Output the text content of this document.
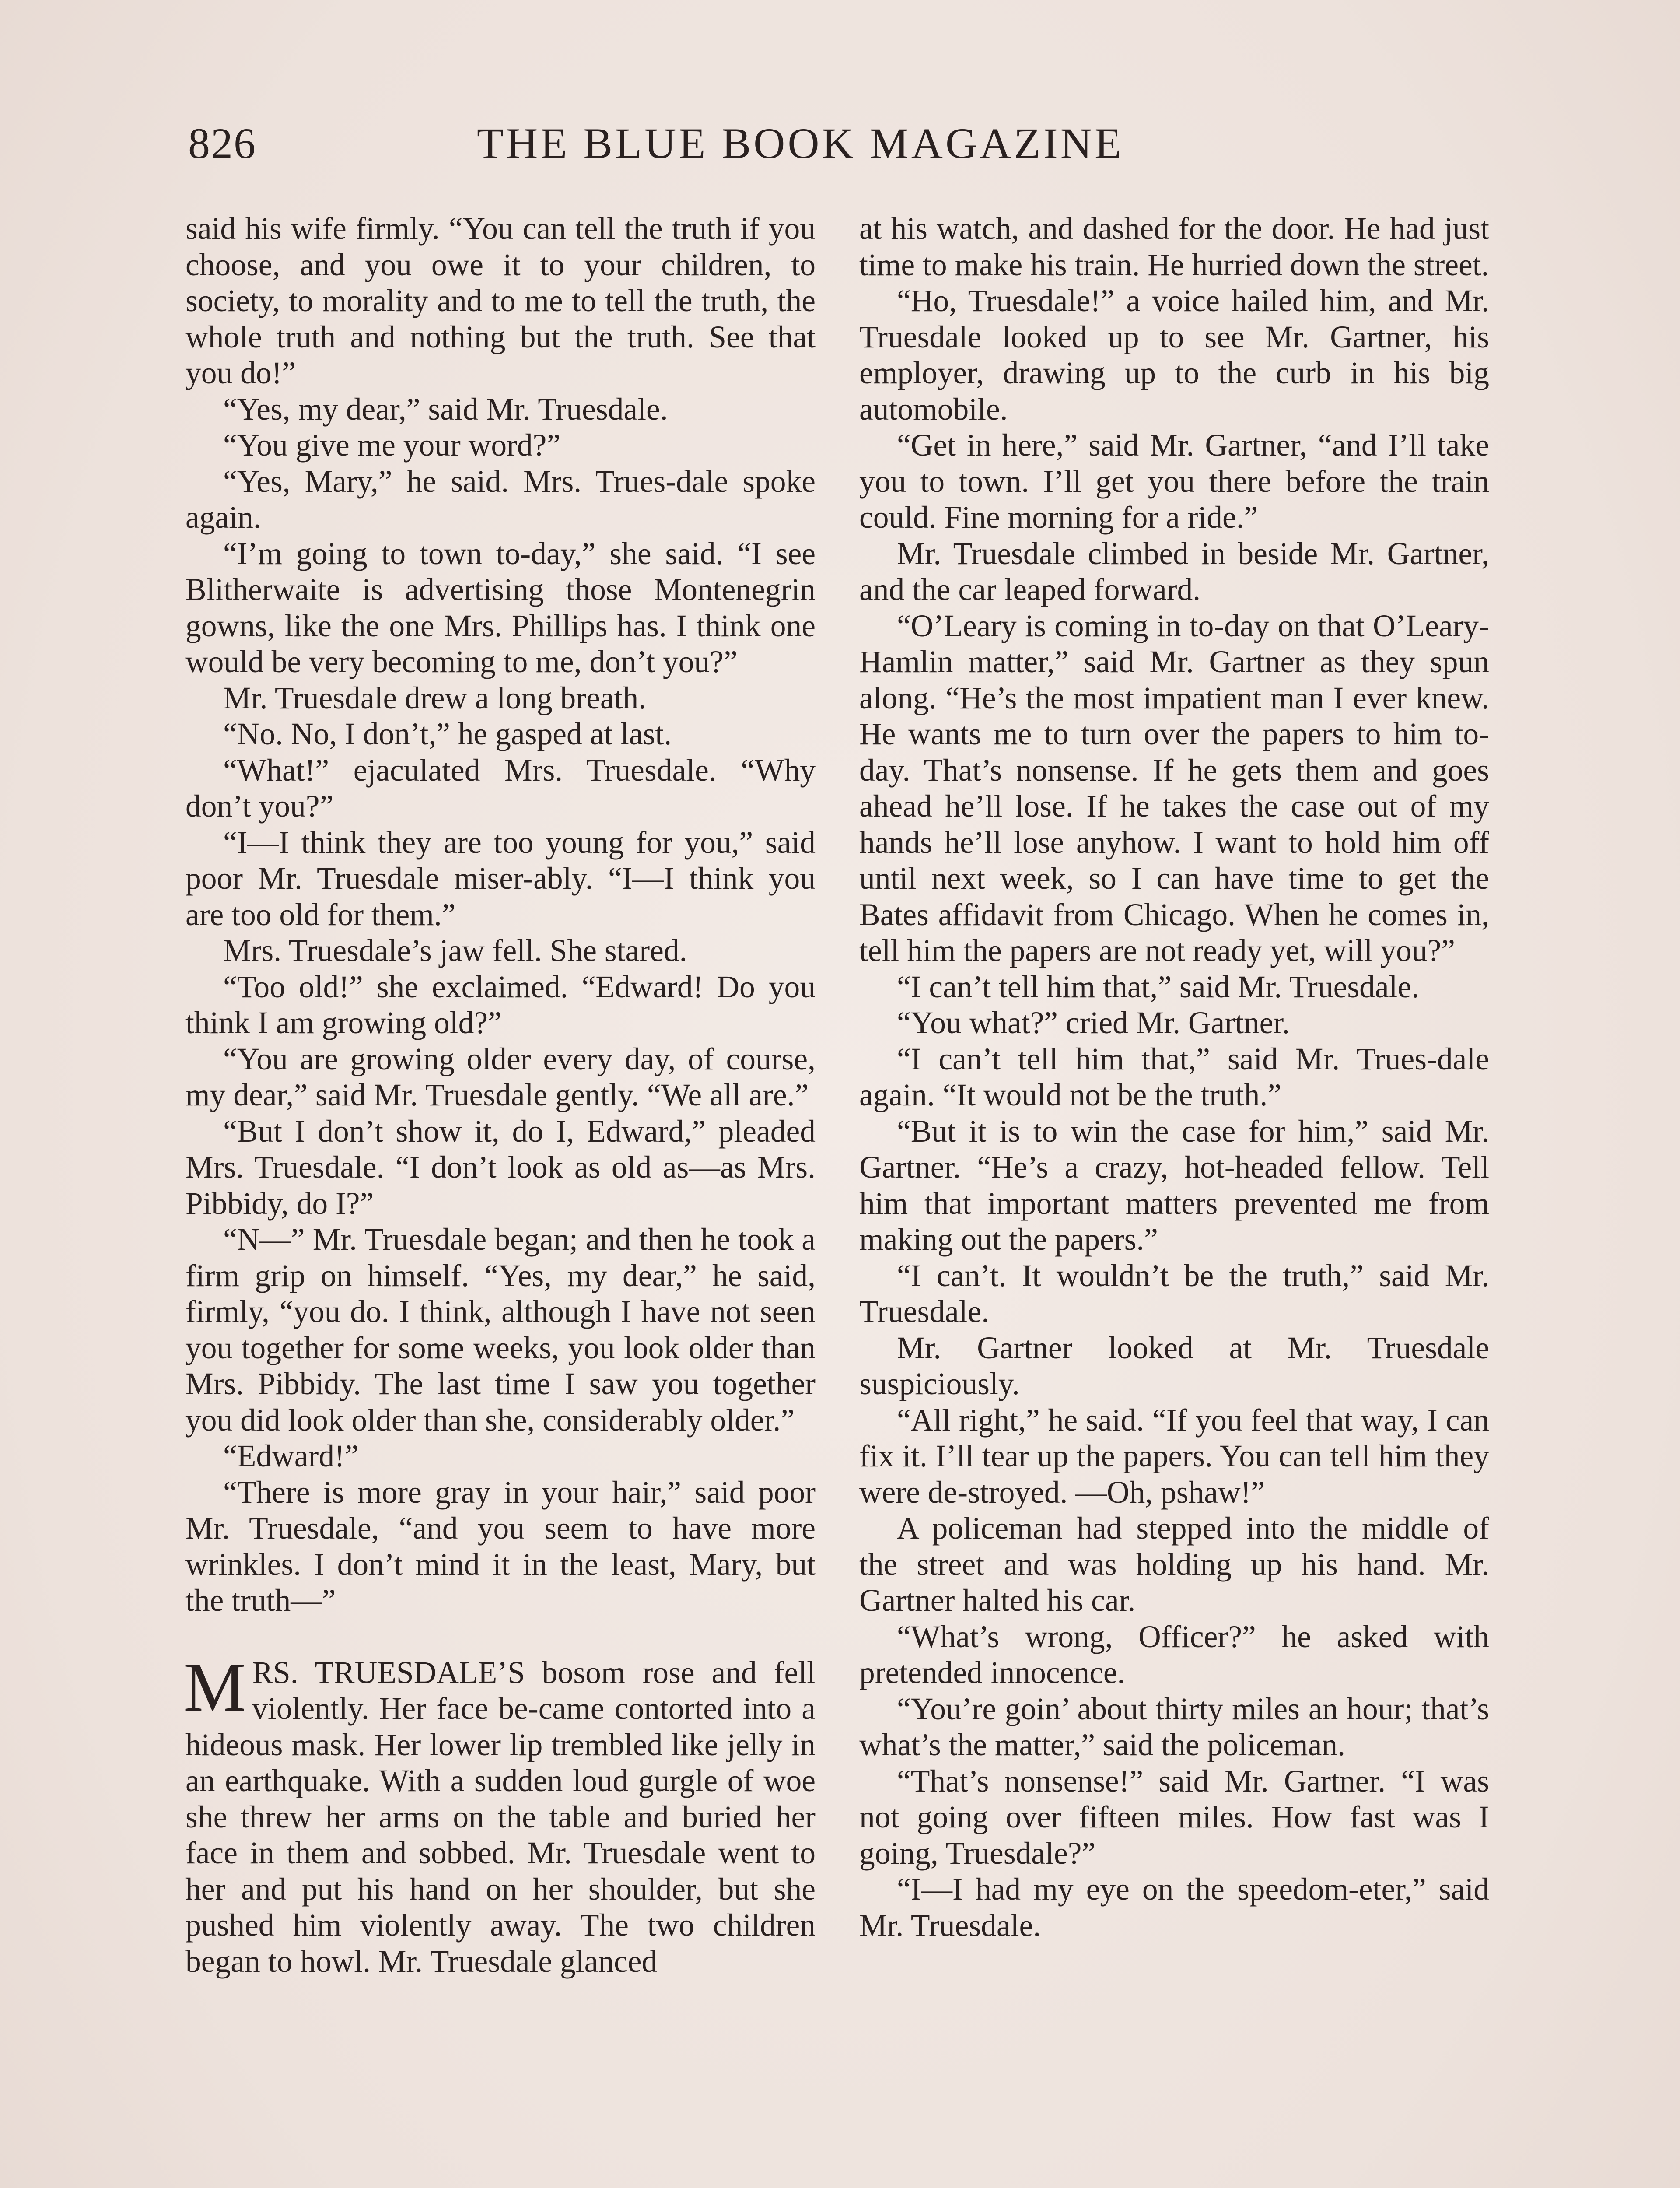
826	THE BLUE BOOK MAGAZINE

said his wife firmly. “You can tell the truth if you choose, and you owe it to your children, to society, to morality and to me to tell the truth, the whole truth and nothing but the truth. See that you do!”

“Yes, my dear,” said Mr. Truesdale.

“You give me your word?”

“Yes, Mary,” he said. Mrs. Trues-dale spoke again.

“I’m going to town to-day,” she said. “I see Blitherwaite is advertising those Montenegrin gowns, like the one Mrs. Phillips has. I think one would be very becoming to me, don’t you?”

Mr. Truesdale drew a long breath.

“No. No, I don’t,” he gasped at last.

“What!” ejaculated Mrs. Truesdale. “Why don’t you?”

“I—I think they are too young for you,” said poor Mr. Truesdale miser-ably. “I—I think you are too old for them.”

Mrs. Truesdale’s jaw fell. She stared.

“Too old!” she exclaimed. “Edward! Do you think I am growing old?”

“You are growing older every day, of course, my dear,” said Mr. Truesdale gently. “We all are.”

“But I don’t show it, do I, Edward,” pleaded Mrs. Truesdale. “I don’t look as old as—as Mrs. Pibbidy, do I?”

“N—” Mr. Truesdale began; and then he took a firm grip on himself. “Yes, my dear,” he said, firmly, “you do. I think, although I have not seen you together for some weeks, you look older than Mrs. Pibbidy. The last time I saw you together you did look older than she, considerably older.”

“Edward!”

“There is more gray in your hair,” said poor Mr. Truesdale, “and you seem to have more wrinkles. I don’t mind it in the least, Mary, but the truth—”

MRS. TRUESDALE’S bosom rose and fell violently. Her face be-came contorted into a hideous mask. Her lower lip trembled like jelly in an earthquake. With a sudden loud gurgle of woe she threw her arms on the table and buried her face in them and sobbed. Mr. Truesdale went to her and put his hand on her shoulder, but she pushed him violently away. The two children began to howl. Mr. Truesdale glanced

at his watch, and dashed for the door. He had just time to make his train. He hurried down the street.

“Ho, Truesdale!” a voice hailed him, and Mr. Truesdale looked up to see Mr. Gartner, his employer, drawing up to the curb in his big automobile.

“Get in here,” said Mr. Gartner, “and I’ll take you to town. I’ll get you there before the train could. Fine morning for a ride.”

Mr. Truesdale climbed in beside Mr. Gartner, and the car leaped forward.

“O’Leary is coming in to-day on that O’Leary-Hamlin matter,” said Mr. Gartner as they spun along. “He’s the most impatient man I ever knew. He wants me to turn over the papers to him to-day. That’s nonsense. If he gets them and goes ahead he’ll lose. If he takes the case out of my hands he’ll lose anyhow. I want to hold him off until next week, so I can have time to get the Bates affidavit from Chicago. When he comes in, tell him the papers are not ready yet, will you?”

“I can’t tell him that,” said Mr. Truesdale.

“You what?” cried Mr. Gartner.

“I can’t tell him that,” said Mr. Trues-dale again. “It would not be the truth.”

“But it is to win the case for him,” said Mr. Gartner. “He’s a crazy, hot-headed fellow. Tell him that important matters prevented me from making out the papers.”

“I can’t. It wouldn’t be the truth,” said Mr. Truesdale.

Mr. Gartner looked at Mr. Truesdale suspiciously.

“All right,” he said. “If you feel that way, I can fix it. I’ll tear up the papers. You can tell him they were de-stroyed. —Oh, pshaw!”

A policeman had stepped into the middle of the street and was holding up his hand. Mr. Gartner halted his car.

“What’s wrong, Officer?” he asked with pretended innocence.

“You’re goin’ about thirty miles an hour; that’s what’s the matter,” said the policeman.

“That’s nonsense!” said Mr. Gartner. “I was not going over fifteen miles. How fast was I going, Truesdale?”

“I—I had my eye on the speedom-eter,” said Mr. Truesdale.
